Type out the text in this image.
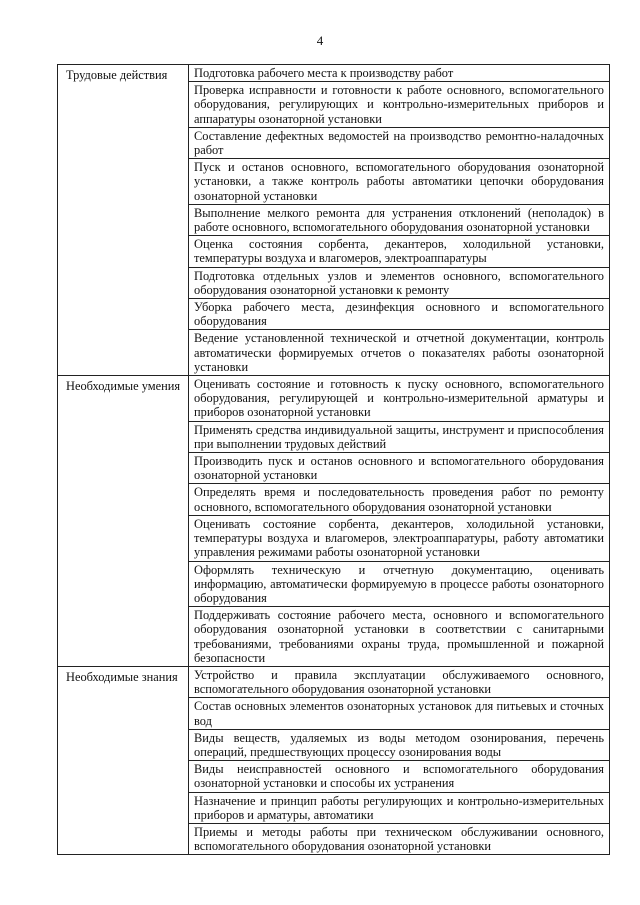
4
Трудовые действия	Подготовка рабочего места к производству работ
	Проверка исправности и готовности к работе основного, вспомогательного оборудования, регулирующих и контрольно-измерительных приборов и аппаратуры озонаторной установки
	Составление дефектных ведомостей на производство ремонтно-наладочных работ
	Пуск и останов основного, вспомогательного оборудования озонаторной установки, а также контроль работы автоматики цепочки оборудования озонаторной установки
	Выполнение мелкого ремонта для устранения отклонений (неполадок) в работе основного, вспомогательного оборудования озонаторной установки
	Оценка состояния сорбента, декантеров, холодильной установки, температуры воздуха и влагомеров, электроаппаратуры
	Подготовка отдельных узлов и элементов основного, вспомогательного оборудования озонаторной установки к ремонту
	Уборка рабочего места, дезинфекция основного и вспомогательного оборудования
	Ведение установленной технической и отчетной документации, контроль автоматически формируемых отчетов о показателях работы озонаторной установки
Необходимые умения	Оценивать состояние и готовность к пуску основного, вспомогательного оборудования, регулирующей и контрольно-измерительной арматуры и приборов озонаторной установки
	Применять средства индивидуальной защиты, инструмент и приспособления при выполнении трудовых действий
	Производить пуск и останов основного и вспомогательного оборудования озонаторной установки
	Определять время и последовательность проведения работ по ремонту основного, вспомогательного оборудования озонаторной установки
	Оценивать состояние сорбента, декантеров, холодильной установки, температуры воздуха и влагомеров, электроаппаратуры, работу автоматики управления режимами работы озонаторной установки
	Оформлять техническую и отчетную документацию, оценивать информацию, автоматически формируемую в процессе работы озонаторного оборудования
	Поддерживать состояние рабочего места, основного и вспомогательного оборудования озонаторной установки в соответствии с санитарными требованиями, требованиями охраны труда, промышленной и пожарной безопасности
Необходимые знания	Устройство и правила эксплуатации обслуживаемого основного, вспомогательного оборудования озонаторной установки
	Состав основных элементов озонаторных установок для питьевых и сточных вод
	Виды веществ, удаляемых из воды методом озонирования, перечень операций, предшествующих процессу озонирования воды
	Виды неисправностей основного и вспомогательного оборудования озонаторной установки и способы их устранения
	Назначение и принцип работы регулирующих и контрольно-измерительных приборов и арматуры, автоматики
	Приемы и методы работы при техническом обслуживании основного, вспомогательного оборудования озонаторной установки
